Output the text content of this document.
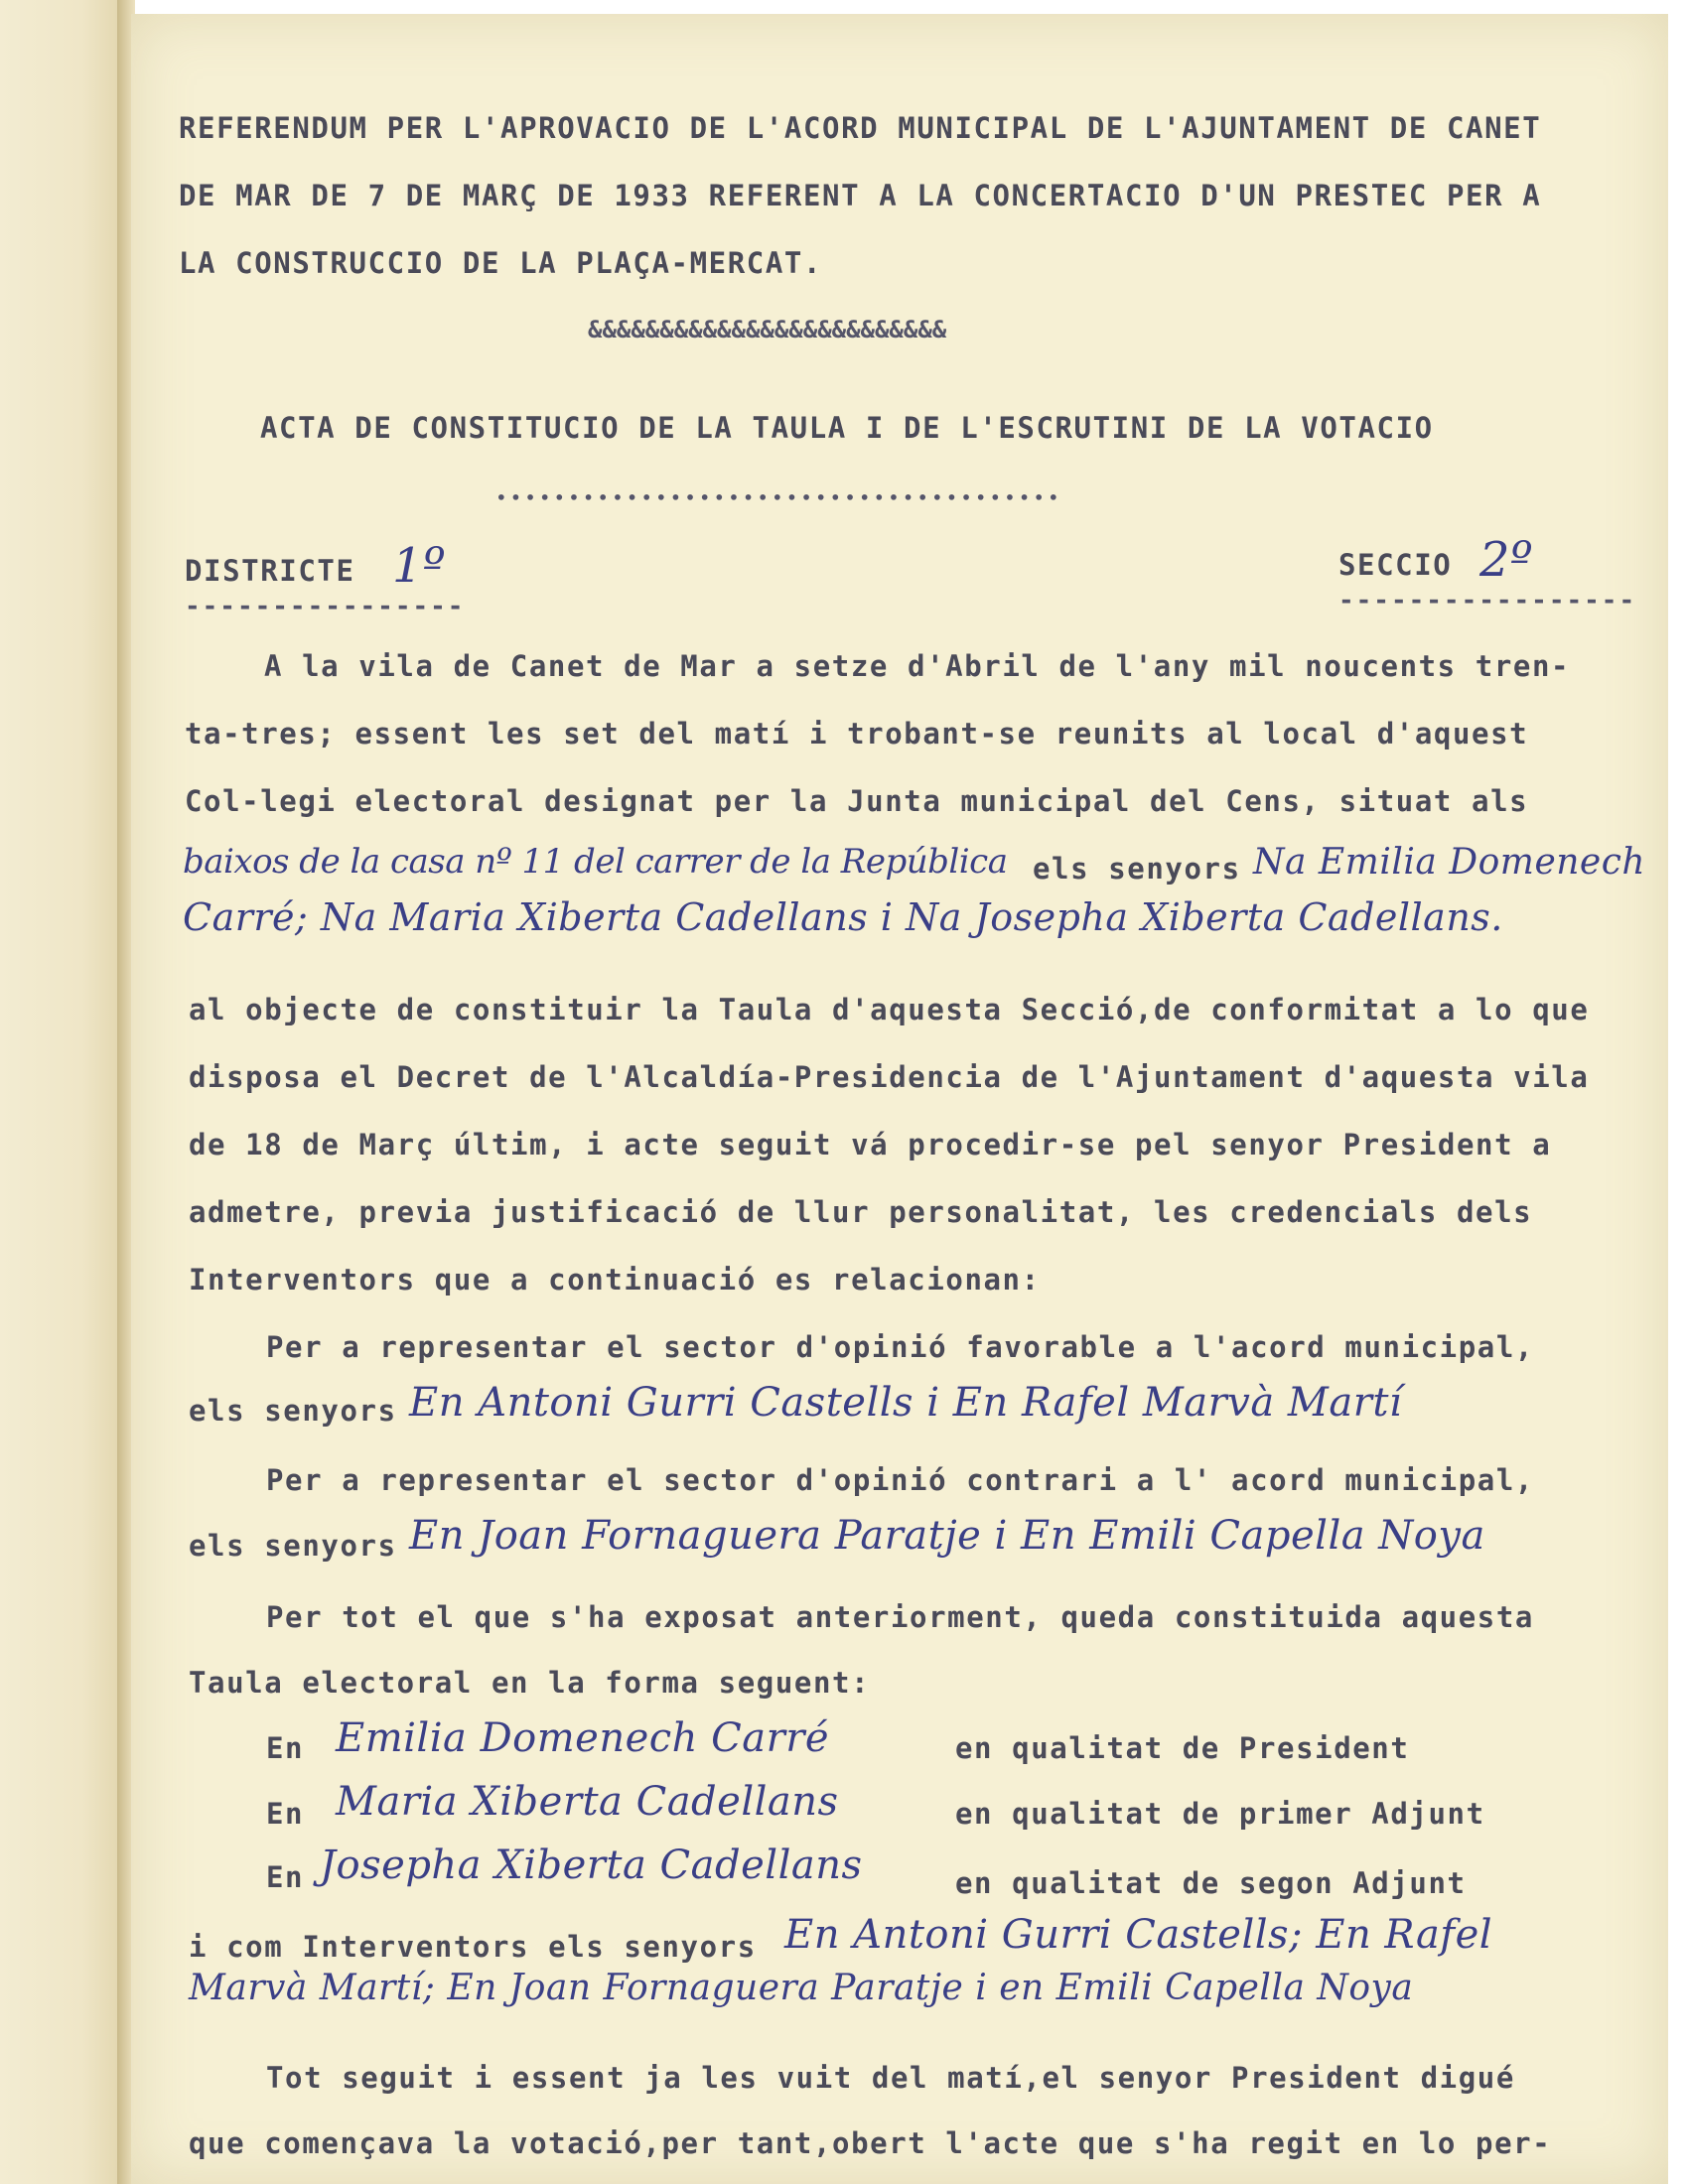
REFERENDUM PER L'APROVACIO DE L'ACORD MUNICIPAL DE L'AJUNTAMENT DE CANET
DE MAR DE 7 DE MARÇ DE 1933 REFERENT A LA CONCERTACIO D'UN PRESTEC PER A
LA CONSTRUCCIO DE LA PLAÇA-MERCAT.
&&&&&&&&&&&&&&&&&&&&&&&&&
ACTA DE CONSTITUCIO DE LA TAULA I DE L'ESCRUTINI DE LA VOTACIO
•••••••••••••••••••••••••••••••••••••••
DISTRICTE 1º
----------------
SECCIO 2º
-----------------
A la vila de Canet de Mar a setze d'Abril de l'any mil noucents tren-
ta-tres; essent les set del matí i trobant-se reunits al local d'aquest
Col-legi electoral designat per la Junta municipal del Cens, situat als
baixos de la casa nº 11 del carrer de la República els senyors Na Emilia Domenech
Carré; Na Maria Xiberta Cadellans i Na Josepha Xiberta Cadellans.
al objecte de constituir la Taula d'aquesta Secció,de conformitat a lo que
disposa el Decret de l'Alcaldía-Presidencia de l'Ajuntament d'aquesta vila
de 18 de Març últim, i acte seguit vá procedir-se pel senyor President a
admetre, previa justificació de llur personalitat, les credencials dels
Interventors que a continuació es relacionan:
Per a representar el sector d'opinió favorable a l'acord municipal,
els senyors En Antoni Gurri Castells i En Rafel Marvà Martí
Per a representar el sector d'opinió contrari a l' acord municipal,
els senyors En Joan Fornaguera Paratje i En Emili Capella Noya
Per tot el que s'ha exposat anteriorment, queda constituida aquesta
Taula electoral en la forma seguent:
En Emilia Domenech Carré	en qualitat de President
En Maria Xiberta Cadellans	en qualitat de primer Adjunt
En Josepha Xiberta Cadellans	en qualitat de segon Adjunt
i com Interventors els senyors En Antoni Gurri Castells; En Rafel
Marvà Martí; En Joan Fornaguera Paratje i en Emili Capella Noya
Tot seguit i essent ja les vuit del matí,el senyor President digué
que començava la votació,per tant,obert l'acte que s'ha regit en lo per-
